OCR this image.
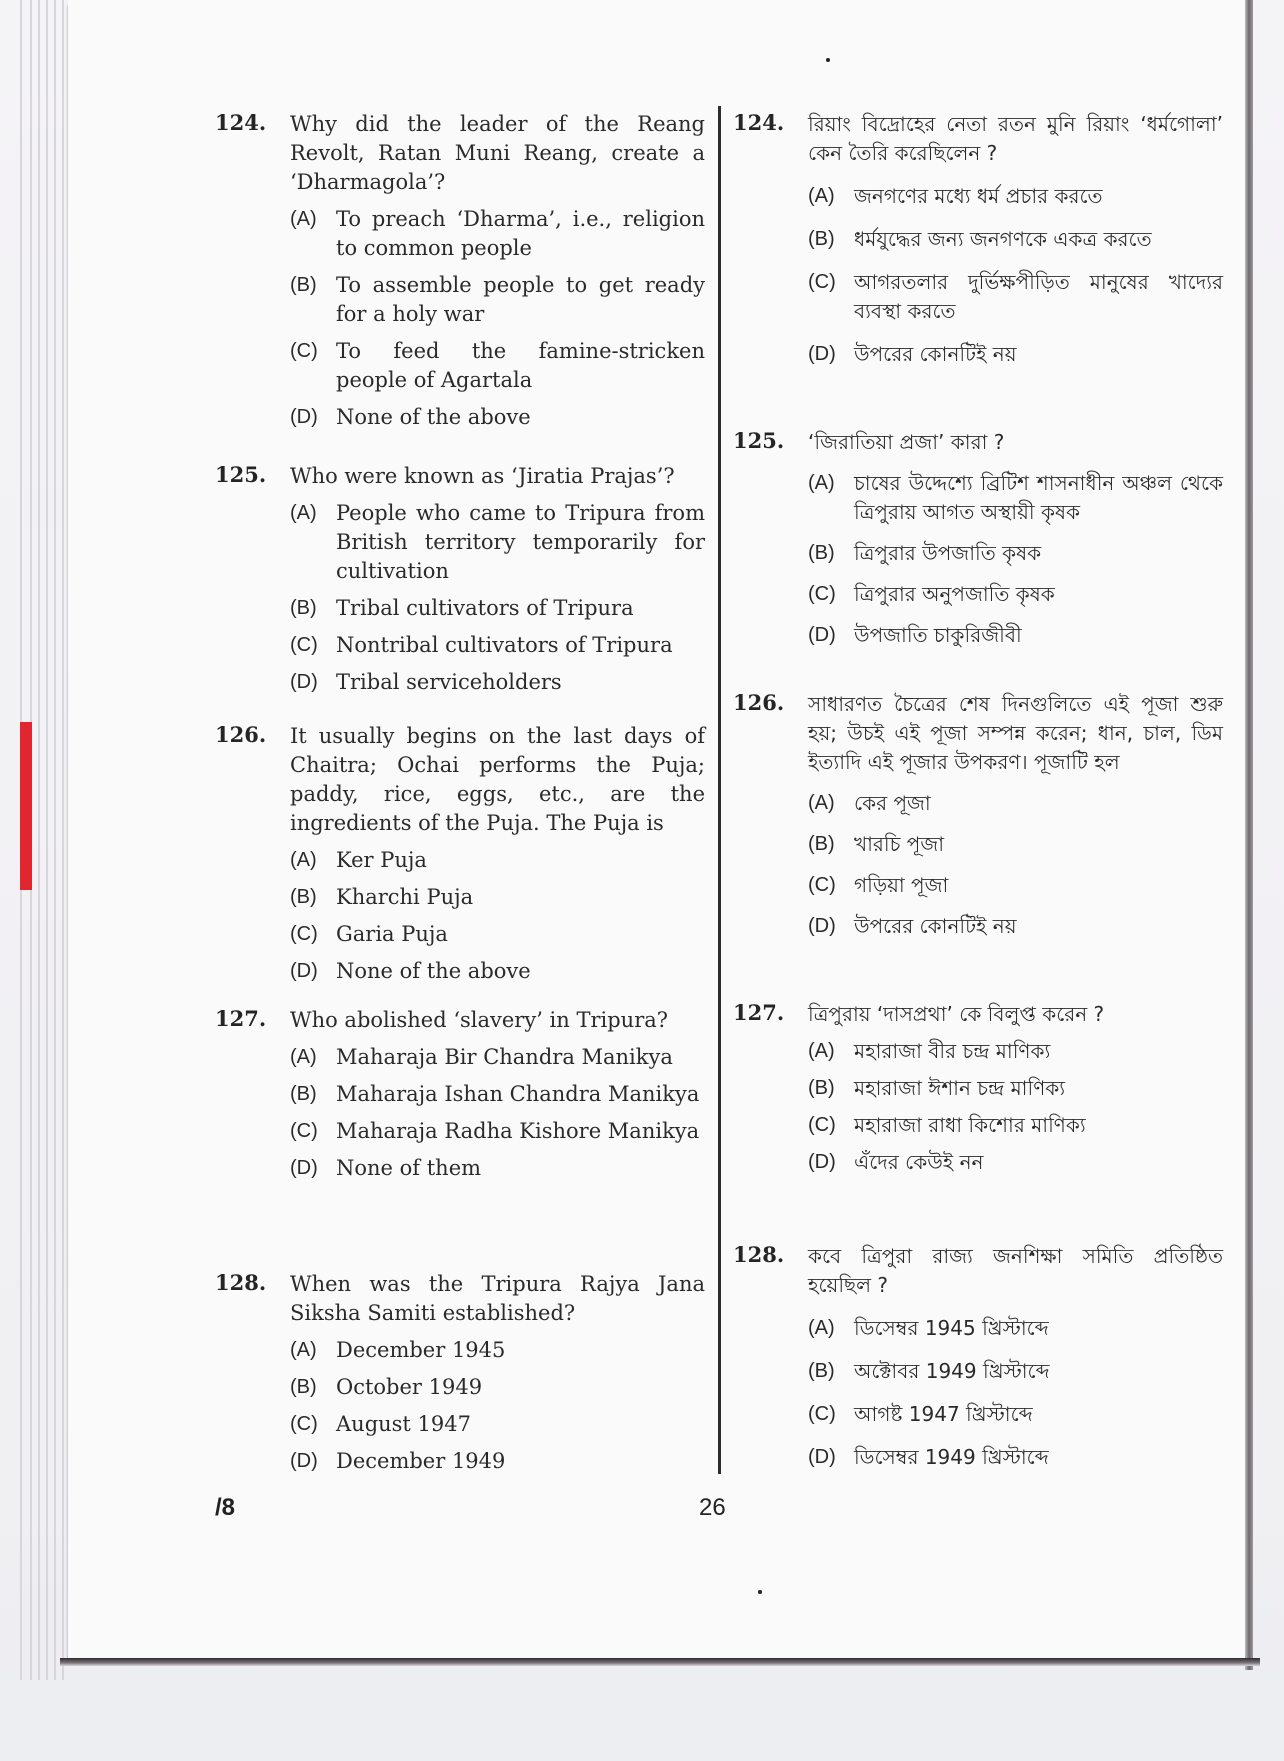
124. Why did the leader of the Reang Revolt, Ratan Muni Reang, create a ‘Dharmagola’?
(A) To preach ‘Dharma’, i.e., religion to common people
(B) To assemble people to get ready for a holy war
(C) To feed the famine-stricken people of Agartala
(D) None of the above
125. Who were known as ‘Jiratia Prajas’?
(A) People who came to Tripura from British territory temporarily for cultivation
(B) Tribal cultivators of Tripura
(C) Nontribal cultivators of Tripura
(D) Tribal serviceholders
126. It usually begins on the last days of Chaitra; Ochai performs the Puja; paddy, rice, eggs, etc., are the ingredients of the Puja. The Puja is
(A) Ker Puja
(B) Kharchi Puja
(C) Garia Puja
(D) None of the above
127. Who abolished ‘slavery’ in Tripura?
(A) Maharaja Bir Chandra Manikya
(B) Maharaja Ishan Chandra Manikya
(C) Maharaja Radha Kishore Manikya
(D) None of them
128. When was the Tripura Rajya Jana Siksha Samiti established?
(A) December 1945
(B) October 1949
(C) August 1947
(D) December 1949
124. রিয়াং বিদ্রোহের নেতা রতন মুনি রিয়াং ‘ধর্মগোলা’ কেন তৈরি করেছিলেন ?
(A) জনগণের মধ্যে ধর্ম প্রচার করতে
(B) ধর্মযুদ্ধের জন্য জনগণকে একত্র করতে
(C) আগরতলার দুর্ভিক্ষপীড়িত মানুষের খাদ্যের ব্যবস্থা করতে
(D) উপরের কোনটিই নয়
125. ‘জিরাতিয়া প্রজা’ কারা ?
(A) চাষের উদ্দেশ্যে ব্রিটিশ শাসনাধীন অঞ্চল থেকে ত্রিপুরায় আগত অস্থায়ী কৃষক
(B) ত্রিপুরার উপজাতি কৃষক
(C) ত্রিপুরার অনুপজাতি কৃষক
(D) উপজাতি চাকুরিজীবী
126. সাধারণত চৈত্রের শেষ দিনগুলিতে এই পূজা শুরু হয়; উচই এই পূজা সম্পন্ন করেন; ধান, চাল, ডিম ইত্যাদি এই পূজার উপকরণ। পূজাটি হল
(A) কের পূজা
(B) খারচি পূজা
(C) গড়িয়া পূজা
(D) উপরের কোনটিই নয়
127. ত্রিপুরায় ‘দাসপ্রথা’ কে বিলুপ্ত করেন ?
(A) মহারাজা বীর চন্দ্র মাণিক্য
(B) মহারাজা ঈশান চন্দ্র মাণিক্য
(C) মহারাজা রাধা কিশোর মাণিক্য
(D) এঁদের কেউই নন
128. কবে ত্রিপুরা রাজ্য জনশিক্ষা সমিতি প্রতিষ্ঠিত হয়েছিল ?
(A) ডিসেম্বর 1945 খ্রিস্টাব্দে
(B) অক্টোবর 1949 খ্রিস্টাব্দে
(C) আগষ্ট 1947 খ্রিস্টাব্দে
(D) ডিসেম্বর 1949 খ্রিস্টাব্দে
/8	26
